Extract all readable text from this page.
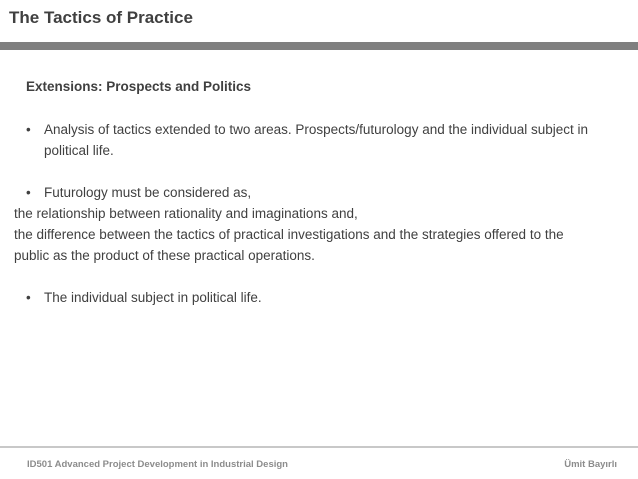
The Tactics of Practice
Extensions: Prospects and Politics
• Analysis of tactics extended to two areas. Prospects/futurology and the individual subject in political life.
• Futurology must be considered as,
the relationship between rationality and imaginations and,
the difference between the tactics of practical investigations and the strategies offered to the public as the product of these practical operations.
• The individual subject in political life.
ID501 Advanced Project Development in Industrial Design	Ümit Bayırlı
